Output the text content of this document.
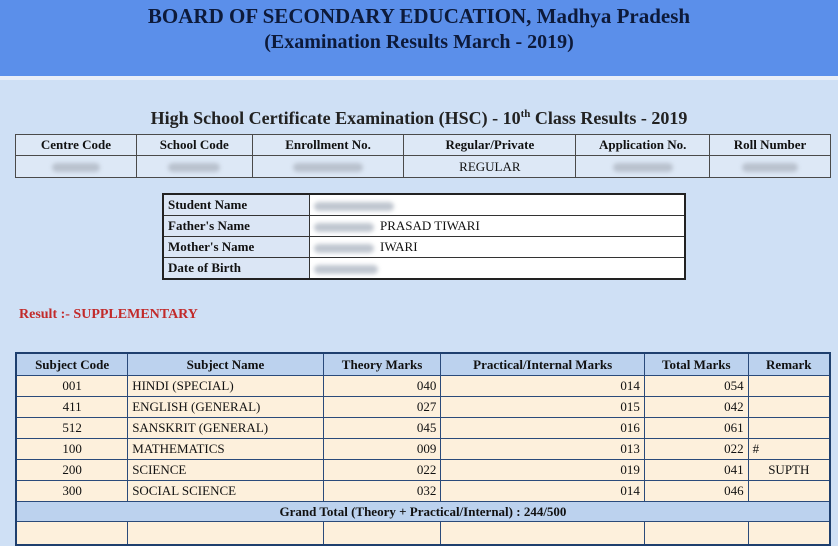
BOARD OF SECONDARY EDUCATION, Madhya Pradesh
(Examination Results March - 2019)
High School Certificate Examination (HSC) - 10th Class Results - 2019
Centre Code	School Code	Enrollment No.	Regular/Private	Application No.	Roll Number
			REGULAR		
Student Name	
Father's Name	PRASAD TIWARI
Mother's Name	IWARI
Date of Birth	
Result :- SUPPLEMENTARY
Subject Code	Subject Name	Theory Marks	Practical/Internal Marks	Total Marks	Remark
001	HINDI (SPECIAL)	040	014	054	
411	ENGLISH (GENERAL)	027	015	042	
512	SANSKRIT (GENERAL)	045	016	061	
100	MATHEMATICS	009	013	022	#
200	SCIENCE	022	019	041	SUPTH
300	SOCIAL SCIENCE	032	014	046	
Grand Total (Theory + Practical/Internal) : 244/500					
